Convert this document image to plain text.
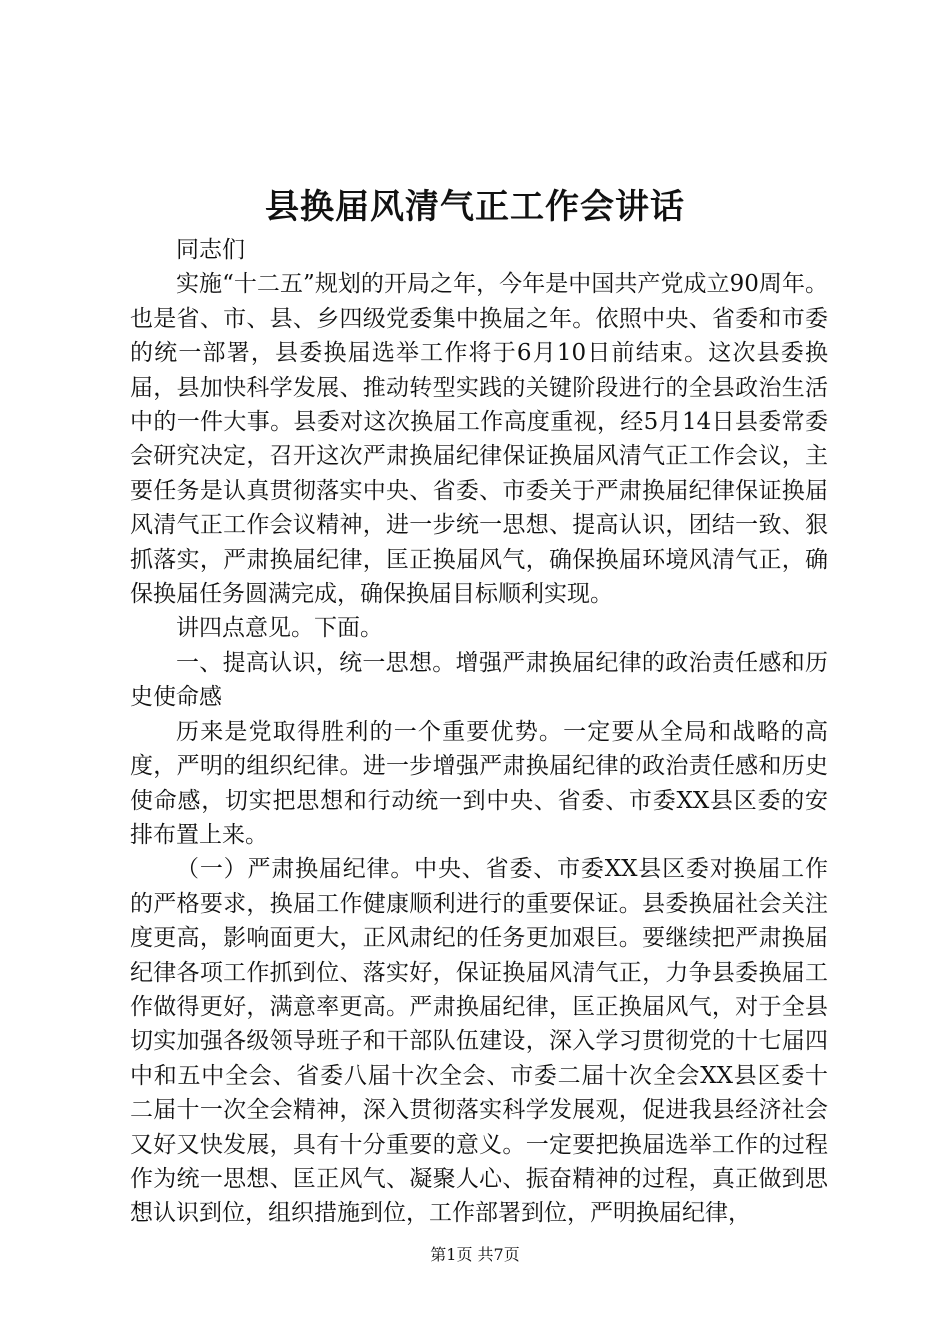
县换届风清气正工作会讲话

同志们

实施“十二五”规划的开局之年，今年是中国共产党成立90周年。也是省、市、县、乡四级党委集中换届之年。依照中央、省委和市委的统一部署，县委换届选举工作将于6月10日前结束。这次县委换届，县加快科学发展、推动转型实践的关键阶段进行的全县政治生活中的一件大事。县委对这次换届工作高度重视，经5月14日县委常委会研究决定，召开这次严肃换届纪律保证换届风清气正工作会议，主要任务是认真贯彻落实中央、省委、市委关于严肃换届纪律保证换届风清气正工作会议精神，进一步统一思想、提高认识，团结一致、狠抓落实，严肃换届纪律，匡正换届风气，确保换届环境风清气正，确保换届任务圆满完成，确保换届目标顺利实现。

讲四点意见。下面。

一、提高认识，统一思想。增强严肃换届纪律的政治责任感和历史使命感

历来是党取得胜利的一个重要优势。一定要从全局和战略的高度，严明的组织纪律。进一步增强严肃换届纪律的政治责任感和历史使命感，切实把思想和行动统一到中央、省委、市委XX县区委的安排布置上来。

（一）严肃换届纪律。中央、省委、市委XX县区委对换届工作的严格要求，换届工作健康顺利进行的重要保证。县委换届社会关注度更高，影响面更大，正风肃纪的任务更加艰巨。要继续把严肃换届纪律各项工作抓到位、落实好，保证换届风清气正，力争县委换届工作做得更好，满意率更高。严肃换届纪律，匡正换届风气，对于全县切实加强各级领导班子和干部队伍建设，深入学习贯彻党的十七届四中和五中全会、省委八届十次全会、市委二届十次全会XX县区委十二届十一次全会精神，深入贯彻落实科学发展观，促进我县经济社会又好又快发展，具有十分重要的意义。一定要把换届选举工作的过程作为统一思想、匡正风气、凝聚人心、振奋精神的过程，真正做到思想认识到位，组织措施到位，工作部署到位，严明换届纪律，

第1页 共7页
